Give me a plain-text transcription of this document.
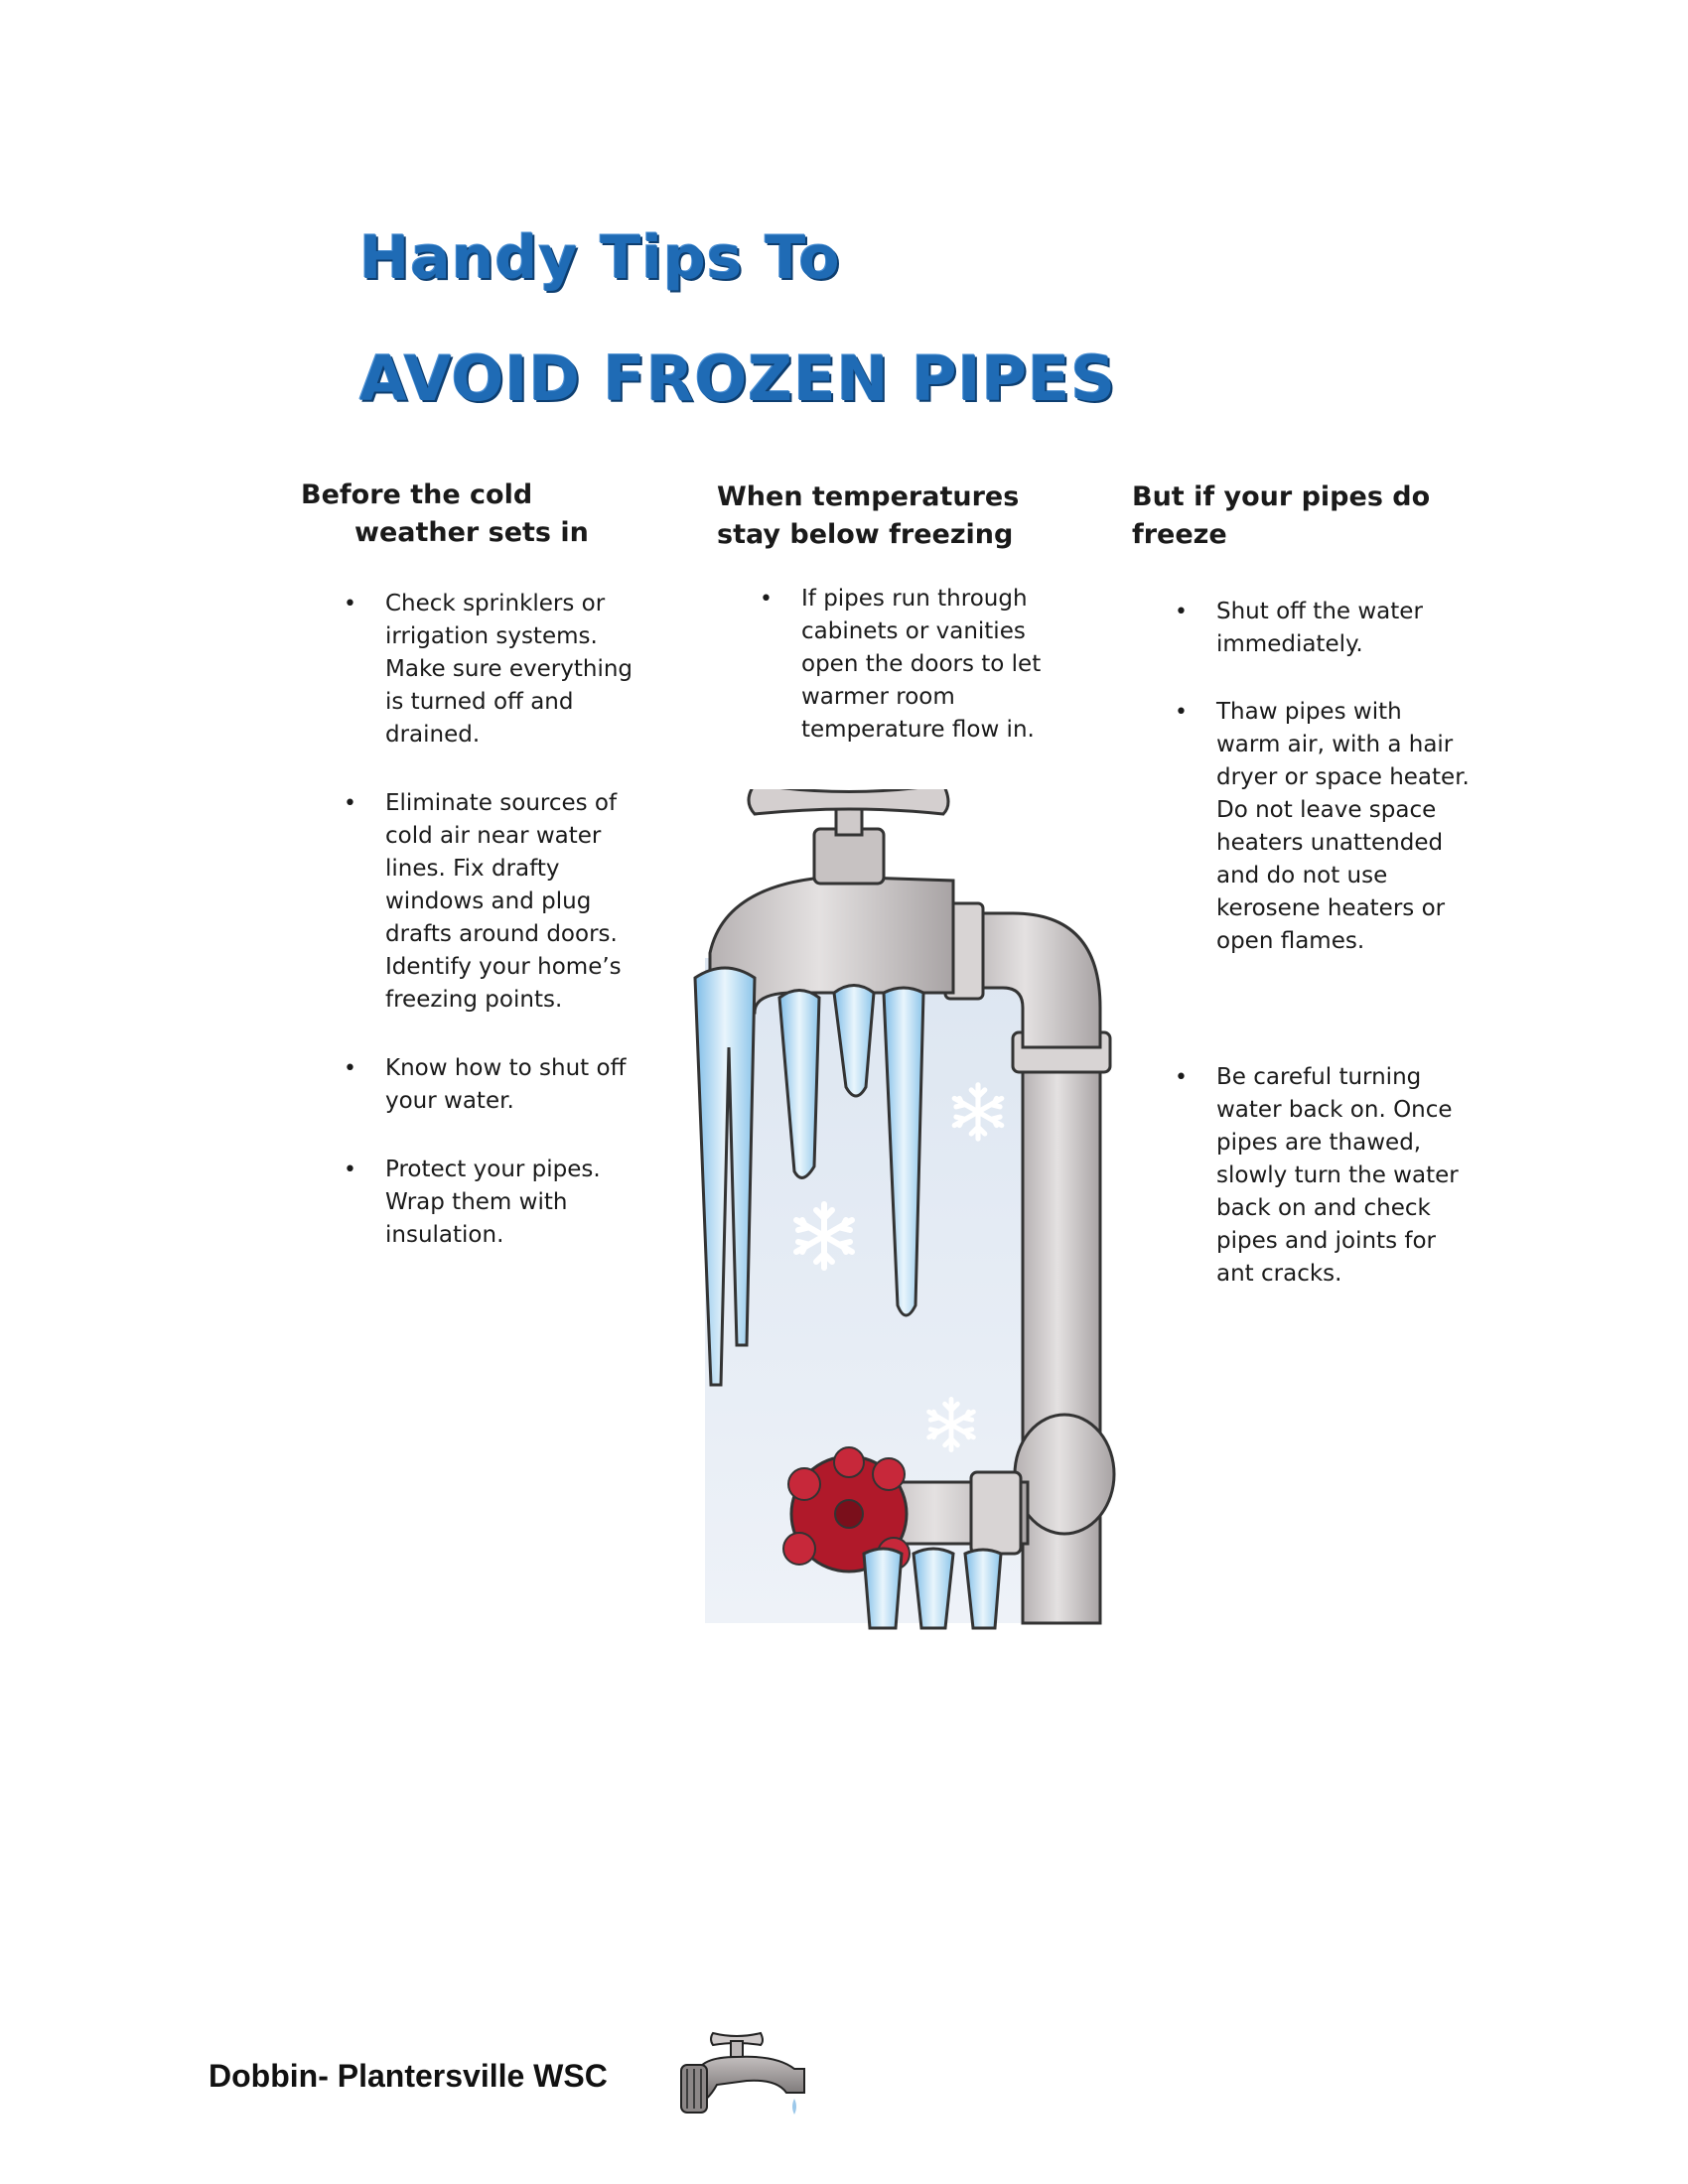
Handy Tips To
AVOID FROZEN PIPES
Before the cold
weather sets in
• Check sprinklers or irrigation systems. Make sure everything is turned off and drained.
• Eliminate sources of cold air near water lines. Fix drafty windows and plug drafts around doors. Identify your home’s freezing points.
• Know how to shut off your water.
• Protect your pipes. Wrap them with insulation.
When temperatures
stay below freezing
• If pipes run through cabinets or vanities open the doors to let warmer room temperature flow in.
But if your pipes do
freeze
• Shut off the water immediately.
• Thaw pipes with warm air, with a hair dryer or space heater. Do not leave space heaters unattended and do not use kerosene heaters or open flames.
• Be careful turning water back on. Once pipes are thawed, slowly turn the water back on and check pipes and joints for ant cracks.

Dobbin- Plantersville WSC
